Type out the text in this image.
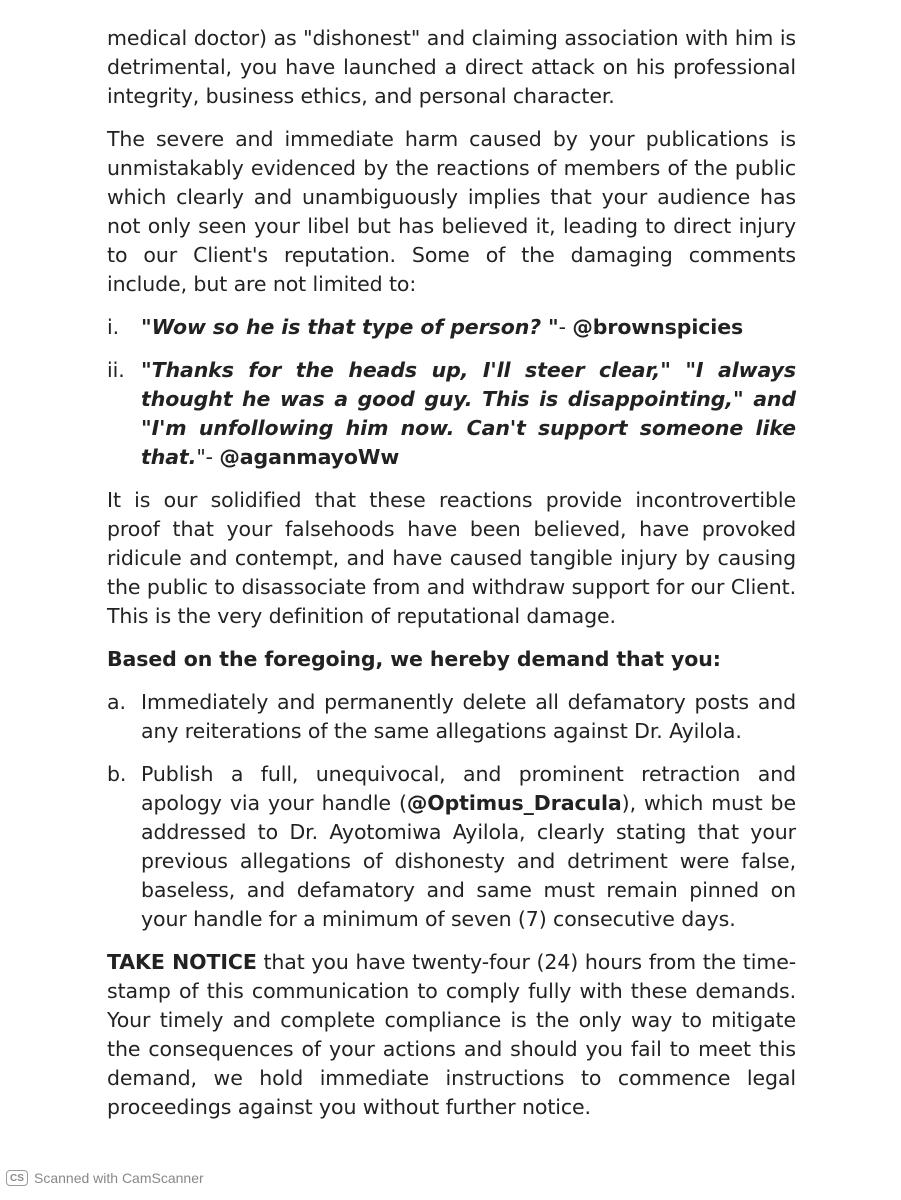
medical doctor) as "dishonest" and claiming association with him is detrimental, you have launched a direct attack on his professional integrity, business ethics, and personal character.

The severe and immediate harm caused by your publications is unmistakably evidenced by the reactions of members of the public which clearly and unambiguously implies that your audience has not only seen your libel but has believed it, leading to direct injury to our Client's reputation. Some of the damaging comments include, but are not limited to:

i.	"Wow so he is that type of person? "- @brownspicies
ii. "Thanks for the heads up, I'll steer clear," "I always thought he was a good guy. This is disappointing," and "I'm unfollowing him now. Can't support someone like that."- @aganmayoWw

It is our solidified that these reactions provide incontrovertible proof that your falsehoods have been believed, have provoked ridicule and contempt, and have caused tangible injury by causing the public to disassociate from and withdraw support for our Client. This is the very definition of reputational damage.

Based on the foregoing, we hereby demand that you:

a. Immediately and permanently delete all defamatory posts and any reiterations of the same allegations against Dr. Ayilola.
b. Publish a full, unequivocal, and prominent retraction and apology via your handle (@Optimus_Dracula), which must be addressed to Dr. Ayotomiwa Ayilola, clearly stating that your previous allegations of dishonesty and detriment were false, baseless, and defamatory and same must remain pinned on your handle for a minimum of seven (7) consecutive days.

TAKE NOTICE that you have twenty-four (24) hours from the time-stamp of this communication to comply fully with these demands. Your timely and complete compliance is the only way to mitigate the consequences of your actions and should you fail to meet this demand, we hold immediate instructions to commence legal proceedings against you without further notice.

CS Scanned with CamScanner
